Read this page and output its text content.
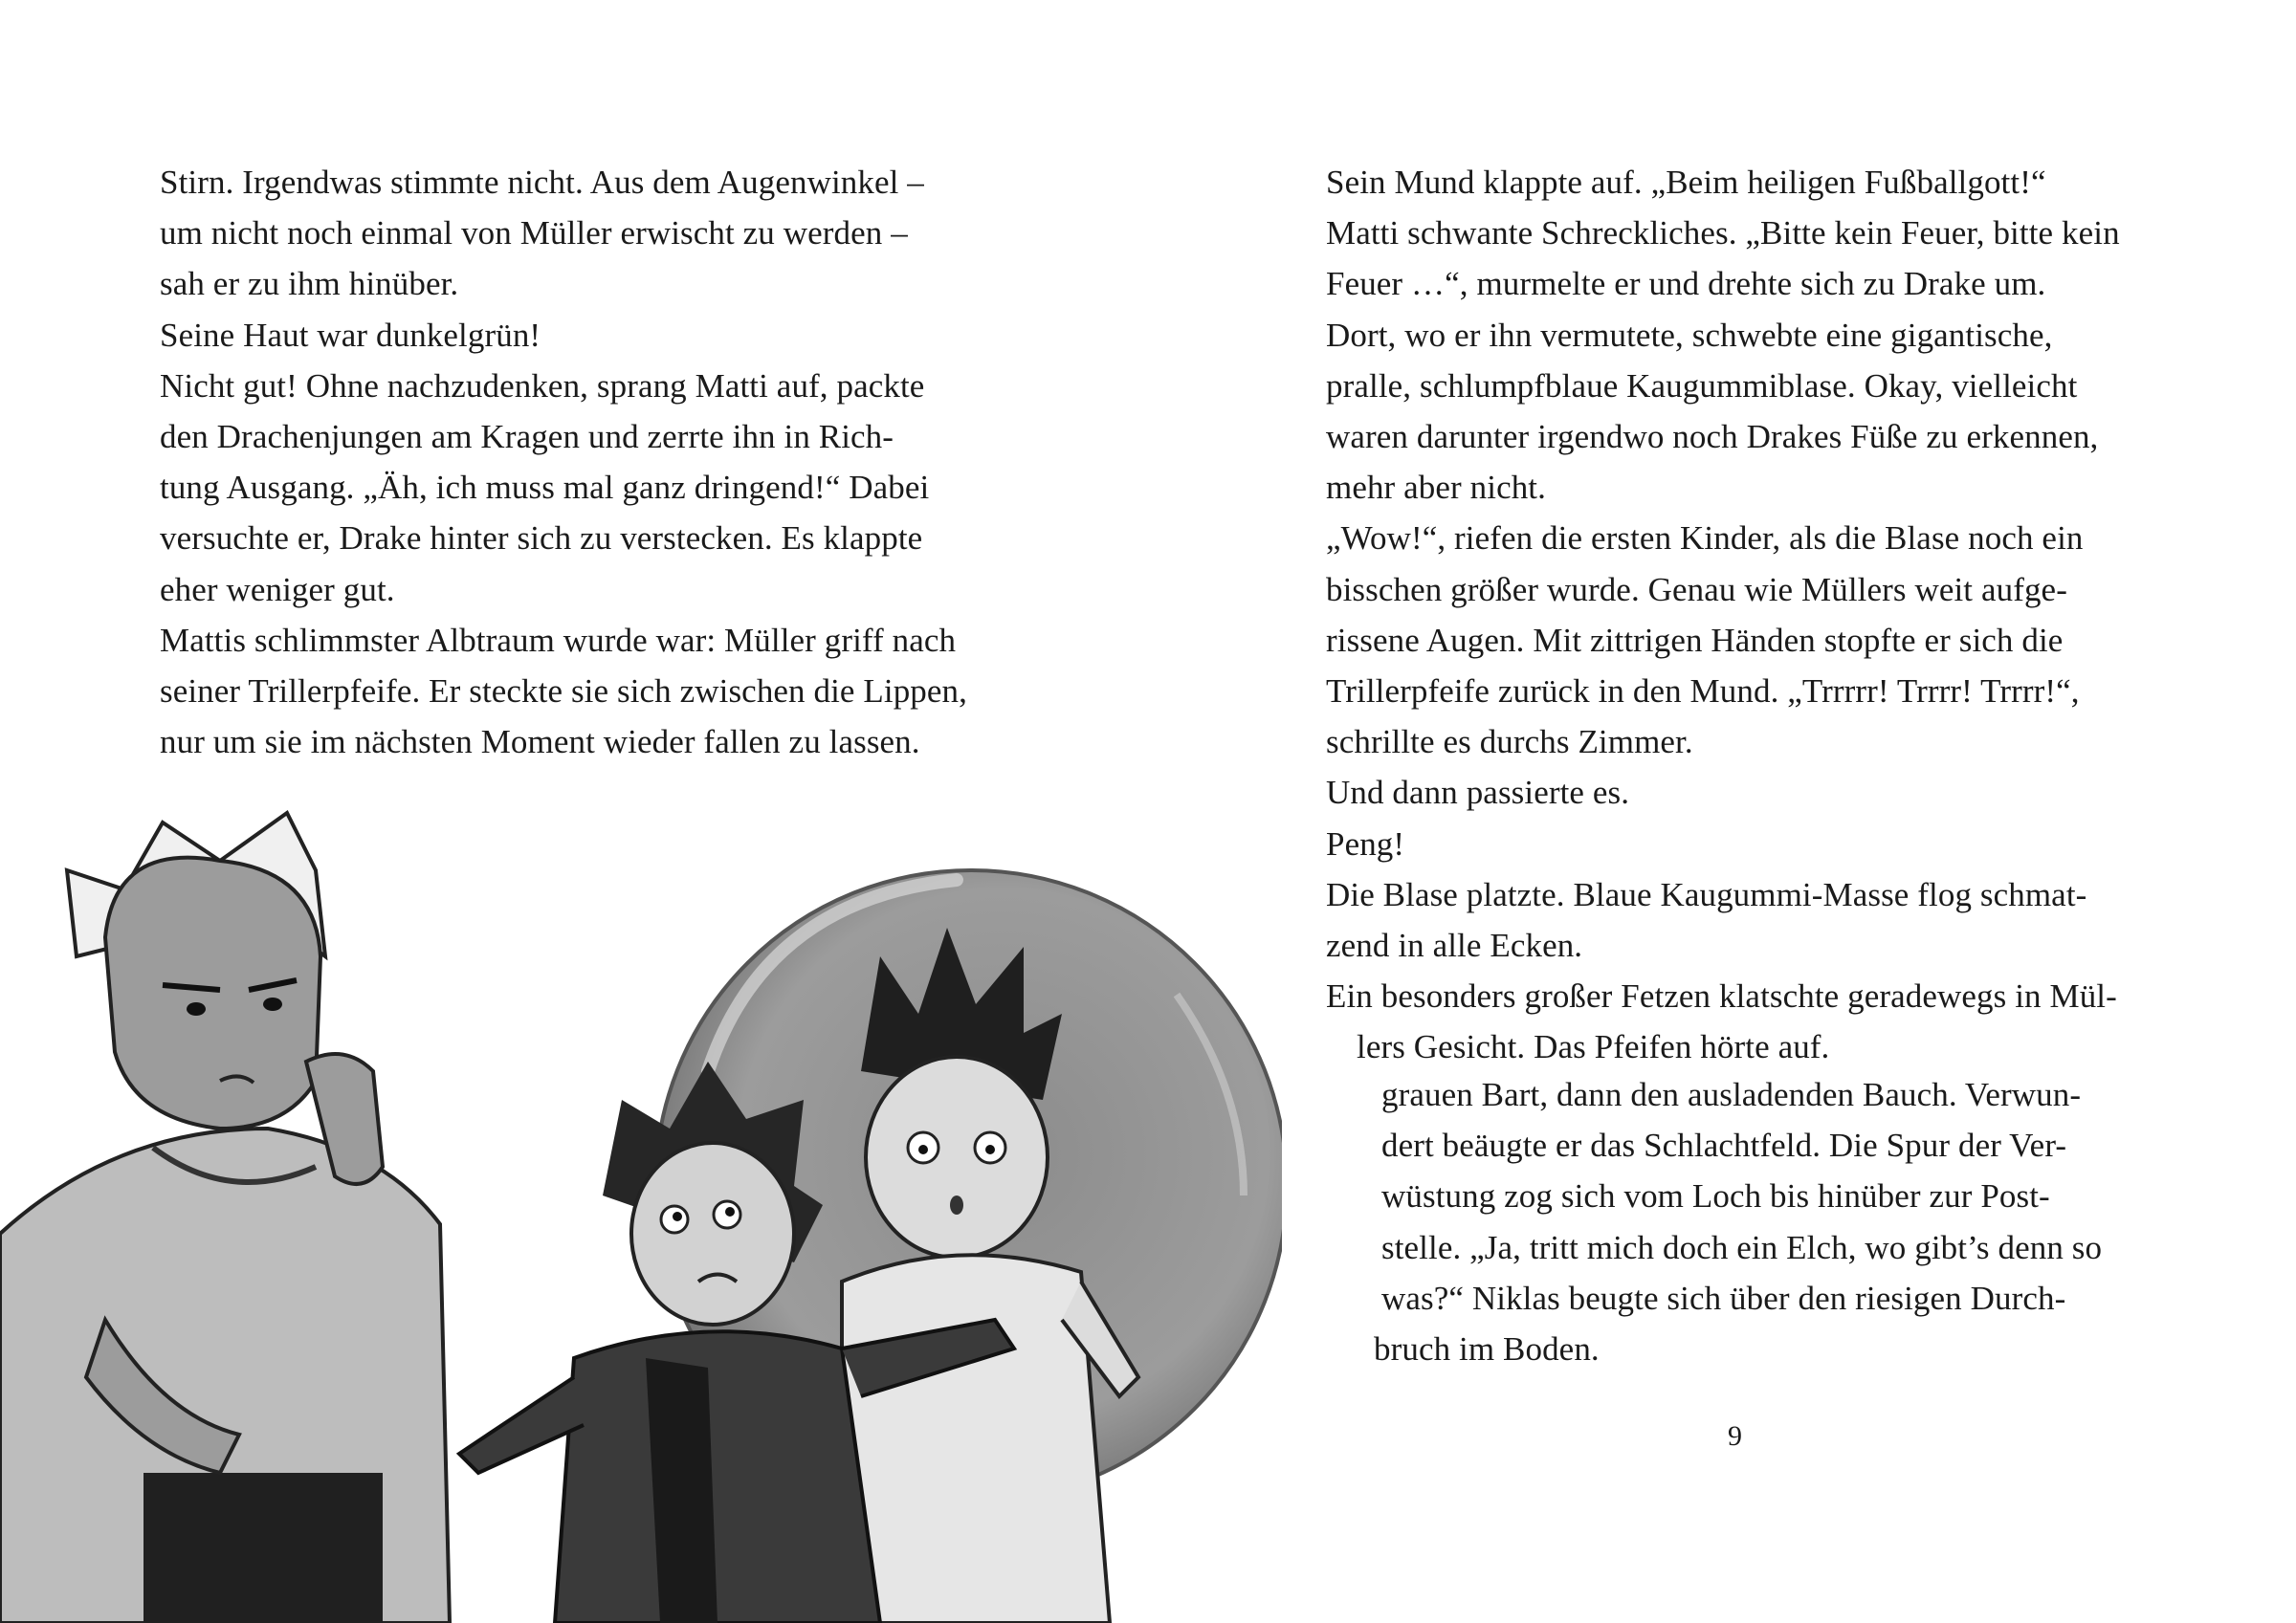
Stirn. Irgendwas stimmte nicht. Aus dem Augenwinkel –
um nicht noch einmal von Müller erwischt zu werden –
sah er zu ihm hinüber.
Seine Haut war dunkelgrün!
Nicht gut! Ohne nachzudenken, sprang Matti auf, packte
den Drachenjungen am Kragen und zerrte ihn in Rich-
tung Ausgang. „Äh, ich muss mal ganz dringend!“ Dabei
versuchte er, Drake hinter sich zu verstecken. Es klappte
eher weniger gut.
Mattis schlimmster Albtraum wurde war: Müller griff nach
seiner Trillerpfeife. Er steckte sie sich zwischen die Lippen,
nur um sie im nächsten Moment wieder fallen zu lassen.
Sein Mund klappte auf. „Beim heiligen Fußballgott!“
Matti schwante Schreckliches. „Bitte kein Feuer, bitte kein
Feuer …“, murmelte er und drehte sich zu Drake um.
Dort, wo er ihn vermutete, schwebte eine gigantische,
pralle, schlumpfblaue Kaugummiblase. Okay, vielleicht
waren darunter irgendwo noch Drakes Füße zu erkennen,
mehr aber nicht.
„Wow!“, riefen die ersten Kinder, als die Blase noch ein
bisschen größer wurde. Genau wie Müllers weit aufge-
rissene Augen. Mit zittrigen Händen stopfte er sich die
Trillerpfeife zurück in den Mund. „Trrrrr! Trrrr! Trrrr!“,
schrillte es durchs Zimmer.
Und dann passierte es.
Peng!
Die Blase platzte. Blaue Kaugummi-Masse flog schmat-
zend in alle Ecken.
Ein besonders großer Fetzen klatschte geradewegs in Mül-
lers Gesicht. Das Pfeifen hörte auf.
grauen Bart, dann den ausladenden Bauch. Verwun-
dert beäugte er das Schlachtfeld. Die Spur der Ver-
wüstung zog sich vom Loch bis hinüber zur Post-
stelle. „Ja, tritt mich doch ein Elch, wo gibt’s denn so
was?“ Niklas beugte sich über den riesigen Durch-
bruch im Boden.
9
